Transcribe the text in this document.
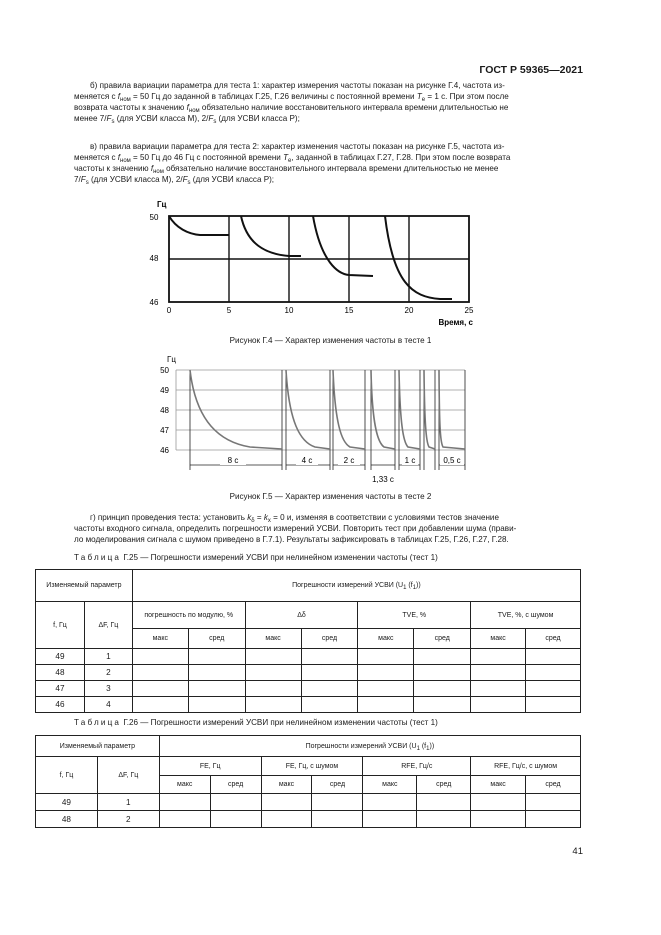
ГОСТ Р 59365—2021
б) правила вариации параметра для теста 1: характер измерения частоты показан на рисунке Г.4, частота из-
меняется с $f_{ном} = 50$ Гц до заданной в таблицах Г.25, Г.26 величины с постоянной времени $T_e = 1$ с. При этом после
возврата частоты к значению $f_{ном}$ обязательно наличие восстановительного интервала времени длительностью не
менее $7/F_s$ (для УСВИ класса М), $2/F_s$ (для УСВИ класса Р);
в) правила вариации параметра для теста 2: характер изменения частоты показан на рисунке Г.5, частота из-
меняется с $f_{ном} = 50$ Гц до 46 Гц с постоянной времени $T_e$, заданной в таблицах Г.27, Г.28. При этом после возврата
частоты к значению $f_{ном}$ обязательно наличие восстановительного интервала времени длительностью не менее
$7/F_s$ (для УСВИ класса М), $2/F_s$ (для УСВИ класса Р);
Гц
50
48
46
0	5	10	15	20	25
Время, с
Рисунок Г.4 — Характер изменения частоты в тесте 1
Гц
50
49
48
47
46
8 с	4 с	2 с	1 с	0,5 с
1,33 с
Рисунок Г.5 — Характер изменения частоты в тесте 2
г) принцип проведения теста: установить $k_\delta = k_x = 0$ и, изменяя в соответствии с условиями тестов значение
частоты входного сигнала, определить погрешности измерений УСВИ. Повторить тест при добавлении шума (прави-
ло моделирования сигнала с шумом приведено в Г.7.1). Результаты зафиксировать в таблицах Г.25, Г.26, Г.27, Г.28.
Таблица Г.25 — Погрешности измерений УСВИ при нелинейном изменении частоты (тест 1)
Изменяемый параметр		Погрешности измерений УСВИ ($U_1$ $(f_1)$)							
f, Гц	ΔF, Гц	погрешность по модулю, %		Δδ		TVE, %		TVE, %, с шумом	
		макс	сред	макс	сред	макс	сред	макс	сред
49	1								
48	2								
47	3								
46	4								
Таблица Г.26 — Погрешности измерений УСВИ при нелинейном изменении частоты (тест 1)
Изменяемый параметр		Погрешности измерений УСВИ ($U_1$ $(f_1)$)							
f, Гц	ΔF, Гц	FE, Гц		FE, Гц, с шумом		RFE, Гц/с		RFE, Гц/с, с шумом	
		макс	сред	макс	сред	макс	сред	макс	сред
49	1								
48	2								
41
